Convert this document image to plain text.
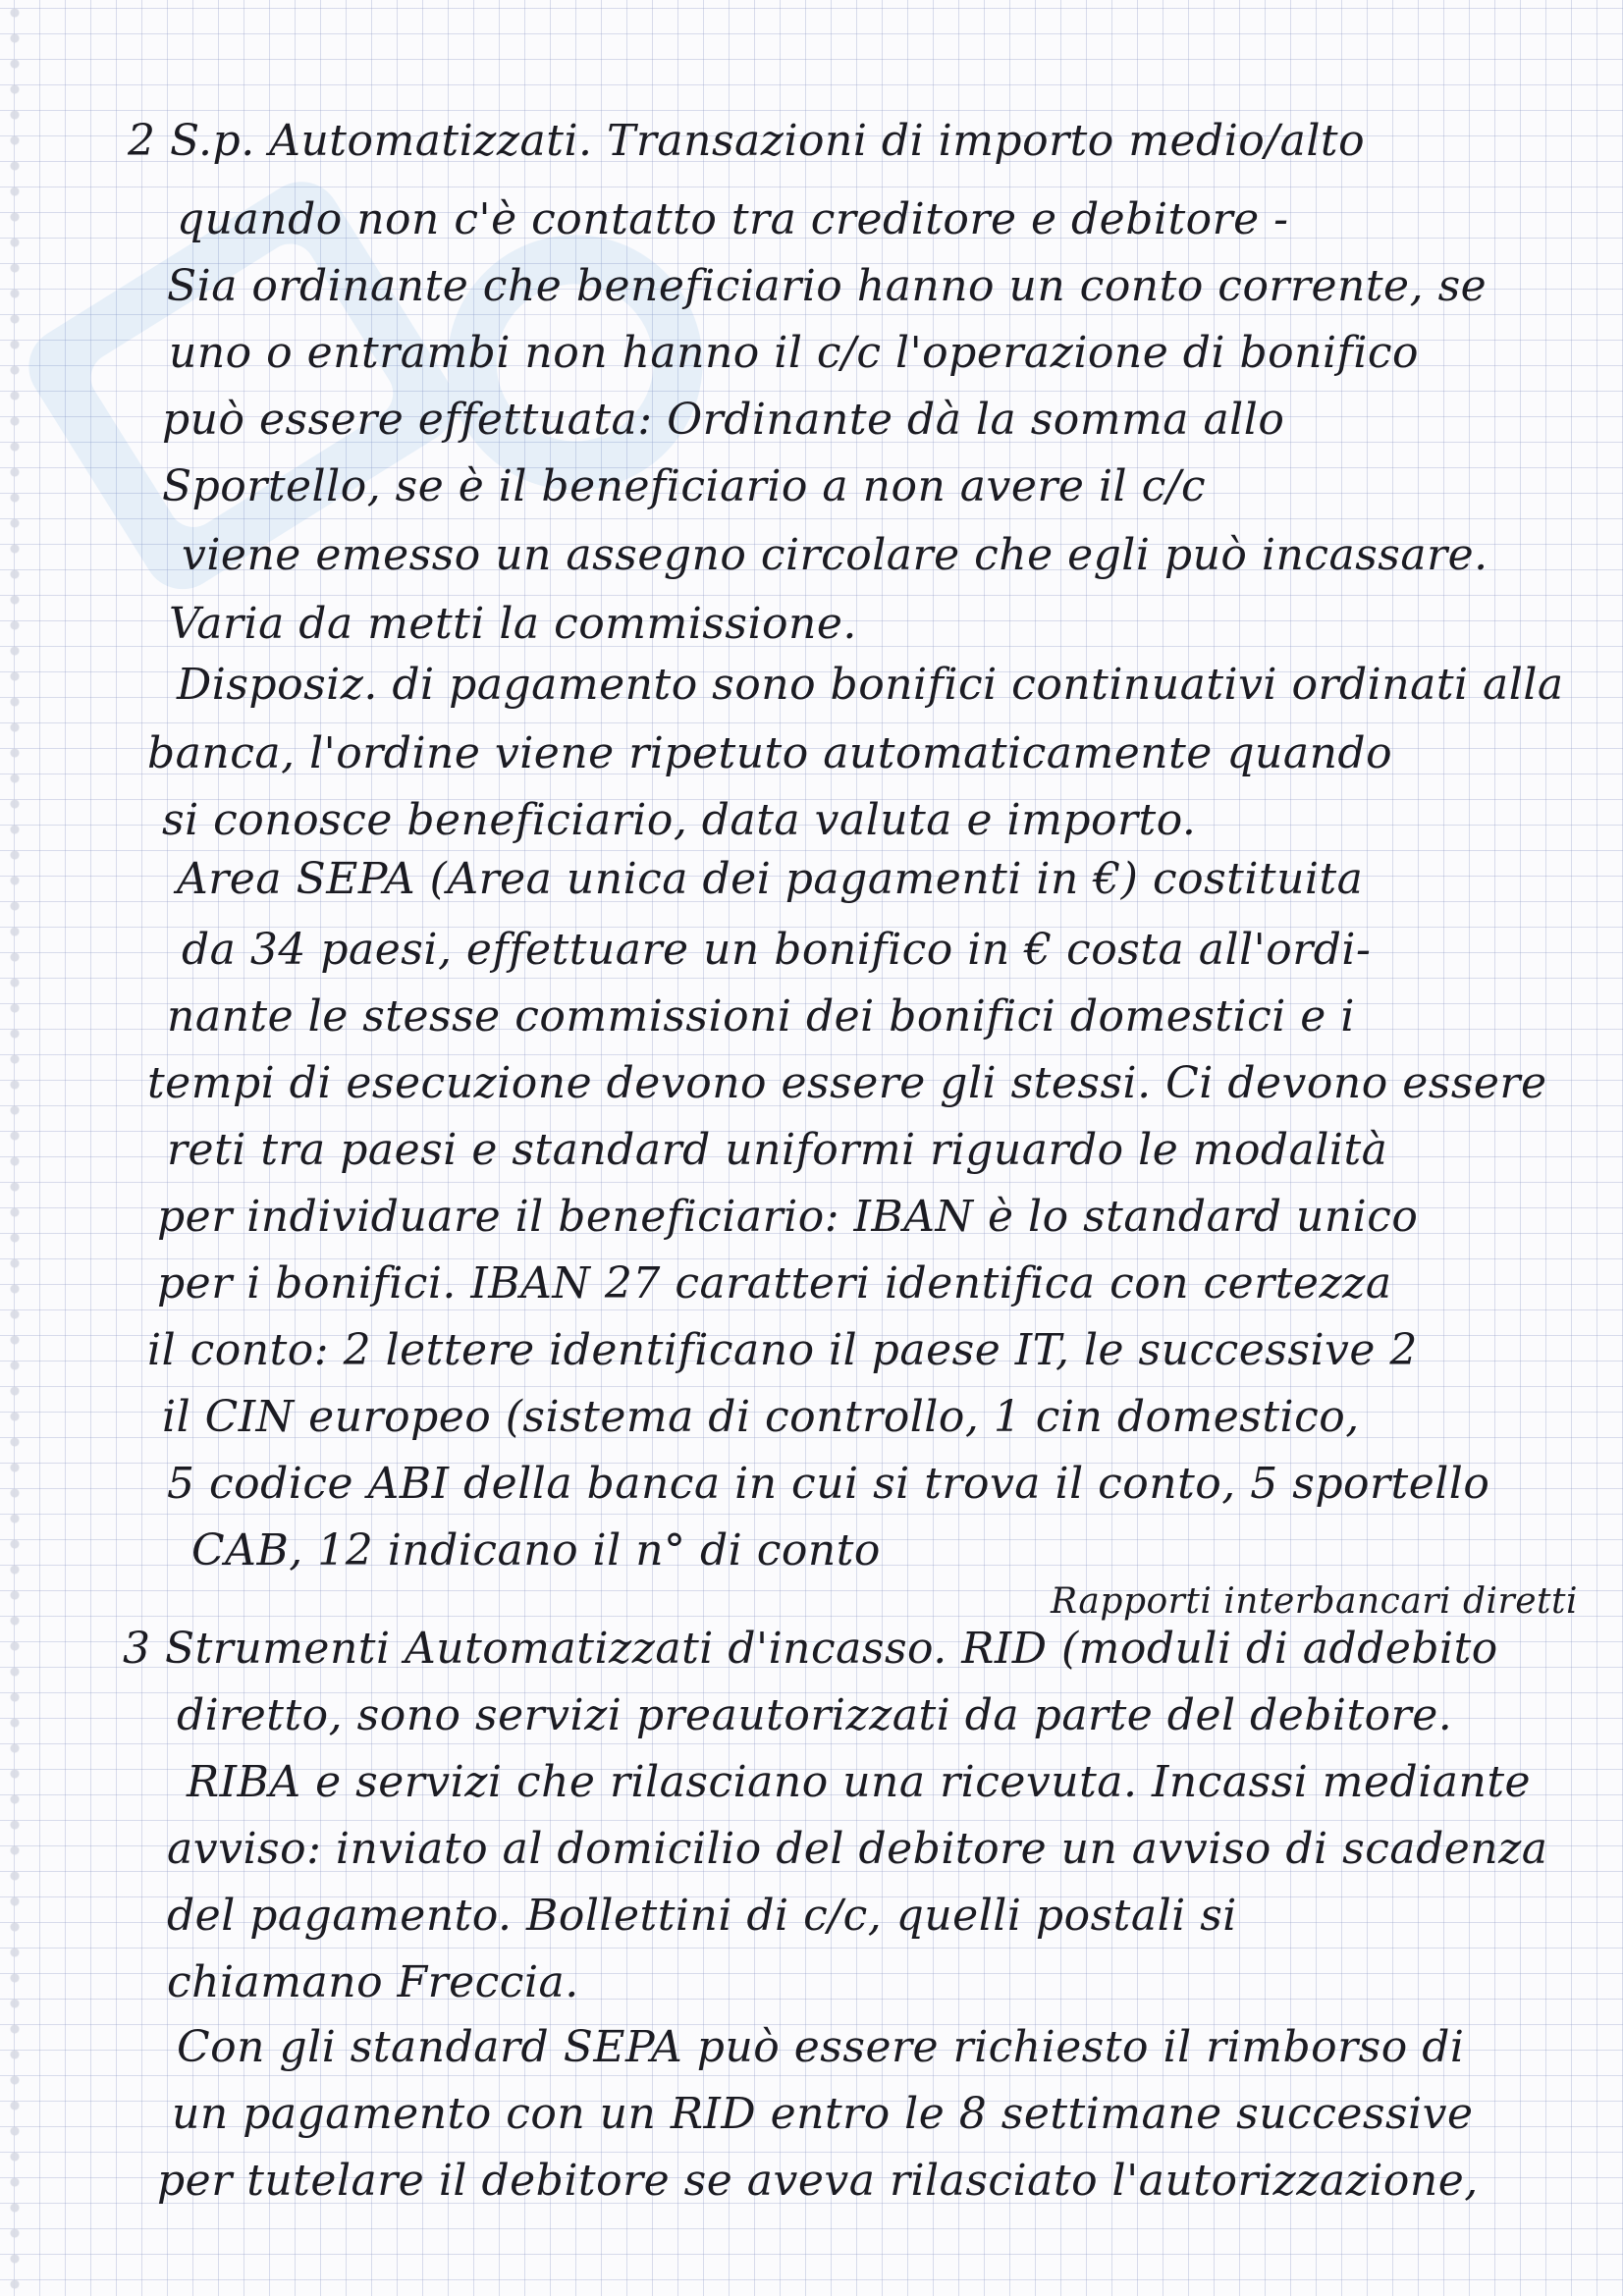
2 S.p. Automatizzati. Transazioni di importo medio/alto

quando non c'è contatto tra creditore e debitore -

Sia ordinante che beneficiario hanno un conto corrente, se

uno o entrambi non hanno il c/c l'operazione di bonifico

può essere effettuata: Ordinante dà la somma allo

Sportello, se è il beneficiario a non avere il c/c

viene emesso un assegno circolare che egli può incassare.

Varia da metti la commissione.

Disposiz. di pagamento sono bonifici continuativi ordinati alla

banca, l'ordine viene ripetuto automaticamente quando

si conosce beneficiario, data valuta e importo.

Area SEPA (Area unica dei pagamenti in €) costituita

da 34 paesi, effettuare un bonifico in € costa all'ordi-

nante le stesse commissioni dei bonifici domestici e i

tempi di esecuzione devono essere gli stessi. Ci devono essere

reti tra paesi e standard uniformi riguardo le modalità

per individuare il beneficiario: IBAN è lo standard unico

per i bonifici. IBAN 27 caratteri identifica con certezza

il conto: 2 lettere identificano il paese IT, le successive 2

il CIN europeo (sistema di controllo, 1 cin domestico,

5 codice ABI della banca in cui si trova il conto, 5 sportello

CAB, 12 indicano il n° di conto

Rapporti interbancari diretti

3 Strumenti Automatizzati d'incasso. RID (moduli di addebito

diretto, sono servizi preautorizzati da parte del debitore.

RIBA e servizi che rilasciano una ricevuta. Incassi mediante

avviso: inviato al domicilio del debitore un avviso di scadenza

del pagamento. Bollettini di c/c, quelli postali si

chiamano Freccia.

Con gli standard SEPA può essere richiesto il rimborso di

un pagamento con un RID entro le 8 settimane successive

per tutelare il debitore se aveva rilasciato l'autorizzazione,
